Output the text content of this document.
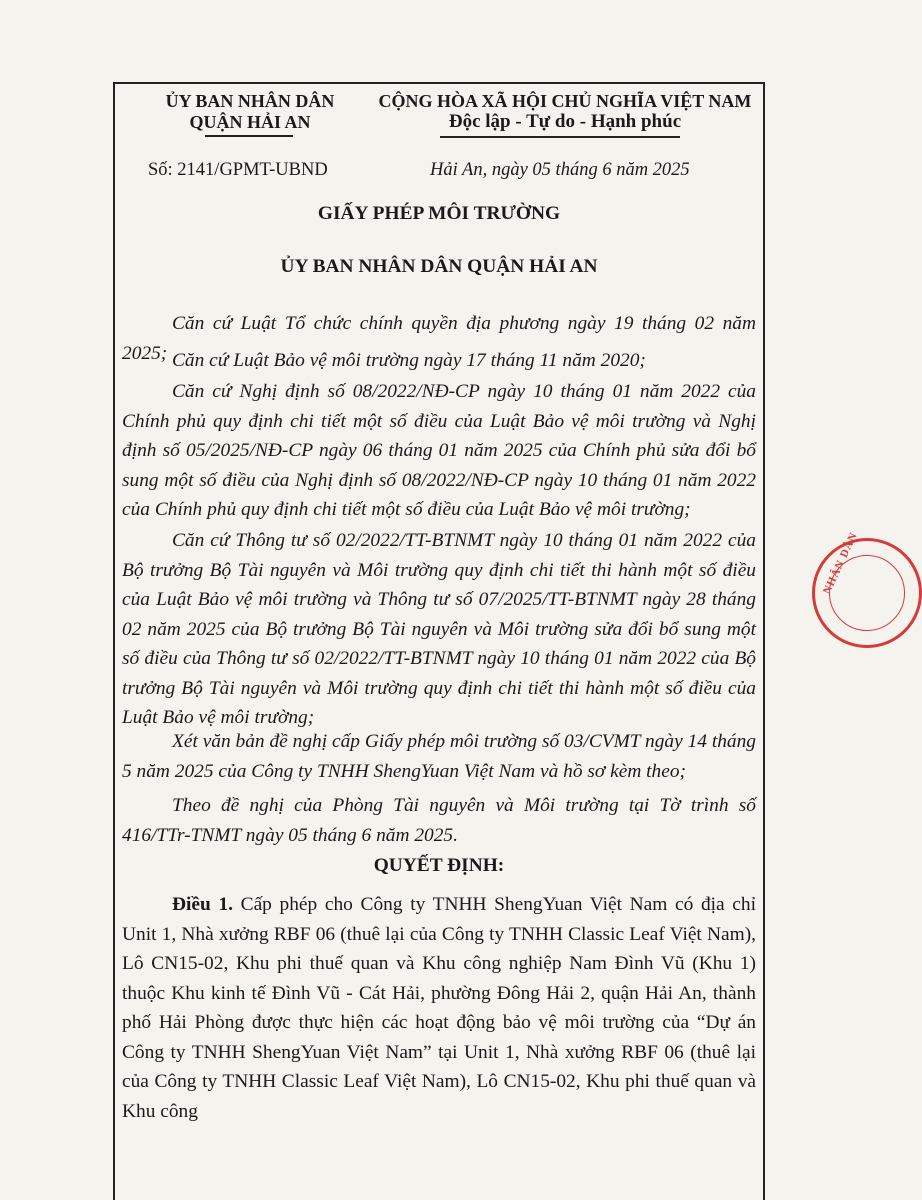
ỦY BAN NHÂN DÂN
QUẬN HẢI AN
CỘNG HÒA XÃ HỘI CHỦ NGHĨA VIỆT NAM
Độc lập - Tự do - Hạnh phúc
Số: 2141/GPMT-UBND	Hải An, ngày 05 tháng 6 năm 2025
GIẤY PHÉP MÔI TRƯỜNG
ỦY BAN NHÂN DÂN QUẬN HẢI AN
Căn cứ Luật Tổ chức chính quyền địa phương ngày 19 tháng 02 năm 2025; Căn cứ Luật Bảo vệ môi trường ngày 17 tháng 11 năm 2020;
Căn cứ Nghị định số 08/2022/NĐ-CP ngày 10 tháng 01 năm 2022 của Chính phủ quy định chi tiết một số điều của Luật Bảo vệ môi trường và Nghị định số 05/2025/NĐ-CP ngày 06 tháng 01 năm 2025 của Chính phủ sửa đổi bổ sung một số điều của Nghị định số 08/2022/NĐ-CP ngày 10 tháng 01 năm 2022 của Chính phủ quy định chi tiết một số điều của Luật Bảo vệ môi trường;
Căn cứ Thông tư số 02/2022/TT-BTNMT ngày 10 tháng 01 năm 2022 của Bộ trưởng Bộ Tài nguyên và Môi trường quy định chi tiết thi hành một số điều của Luật Bảo vệ môi trường và Thông tư số 07/2025/TT-BTNMT ngày 28 tháng 02 năm 2025 của Bộ trưởng Bộ Tài nguyên và Môi trường sửa đổi bổ sung một số điều của Thông tư số 02/2022/TT-BTNMT ngày 10 tháng 01 năm 2022 của Bộ trưởng Bộ Tài nguyên và Môi trường quy định chi tiết thi hành một số điều của Luật Bảo vệ môi trường;
Xét văn bản đề nghị cấp Giấy phép môi trường số 03/CVMT ngày 14 tháng 5 năm 2025 của Công ty TNHH ShengYuan Việt Nam và hồ sơ kèm theo;
Theo đề nghị của Phòng Tài nguyên và Môi trường tại Tờ trình số 416/TTr-TNMT ngày 05 tháng 6 năm 2025.
QUYẾT ĐỊNH:
Điều 1. Cấp phép cho Công ty TNHH ShengYuan Việt Nam có địa chỉ Unit 1, Nhà xưởng RBF 06 (thuê lại của Công ty TNHH Classic Leaf Việt Nam), Lô CN15-02, Khu phi thuế quan và Khu công nghiệp Nam Đình Vũ (Khu 1) thuộc Khu kinh tế Đình Vũ - Cát Hải, phường Đông Hải 2, quận Hải An, thành phố Hải Phòng được thực hiện các hoạt động bảo vệ môi trường của “Dự án Công ty TNHH ShengYuan Việt Nam” tại Unit 1, Nhà xưởng RBF 06 (thuê lại của Công ty TNHH Classic Leaf Việt Nam), Lô CN15-02, Khu phi thuế quan và Khu công
NHÂN DÂN
